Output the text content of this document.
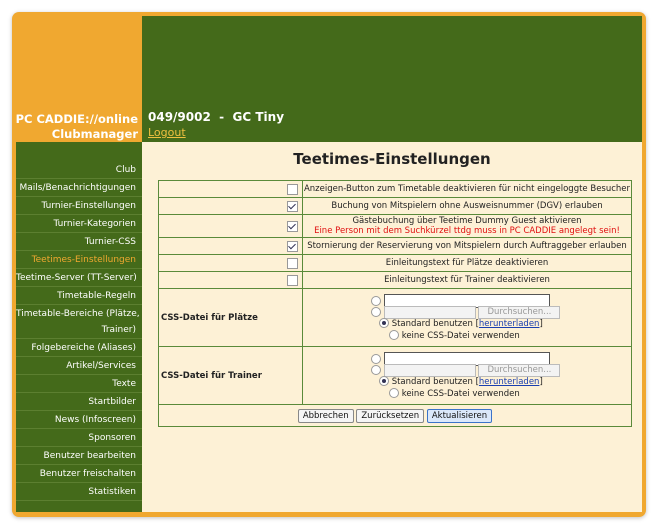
PC CADDIE://online
Clubmanager
049/9002  -  GC Tiny
Logout
Club
Mails/Benachrichtigungen
Turnier-Einstellungen
Turnier-Kategorien
Turnier-CSS
Teetimes-Einstellungen
Teetime-Server (TT-Server)
Timetable-Regeln
Timetable-Bereiche (Plätze,
Trainer)
Folgebereiche (Aliases)
Artikel/Services
Texte
Startbilder
News (Infoscreen)
Sponsoren
Benutzer bearbeiten
Benutzer freischalten
Statistiken
Teetimes-Einstellungen
	Anzeigen-Button zum Timetable deaktivieren für nicht eingeloggte Besucher
	Buchung von Mitspielern ohne Ausweisnummer (DGV) erlauben

	Gästebuchung über Teetime Dummy Guest aktivieren
Eine Person mit dem Suchkürzel ttdg muss in PC CADDIE angelegt sein!

	Stornierung der Reservierung von Mitspielern durch Auftraggeber erlauben
	Einleitungstext für Plätze deaktivieren
	Einleitungstext für Trainer deaktivieren
CSS-Datei für Plätze	Durchsuchen...
Standard benutzen [herunterladen]
keine CSS-Datei verwenden

CSS-Datei für Trainer	Durchsuchen...
Standard benutzen [herunterladen]
keine CSS-Datei verwenden

Abbrechen Zurücksetzen Aktualisieren	
